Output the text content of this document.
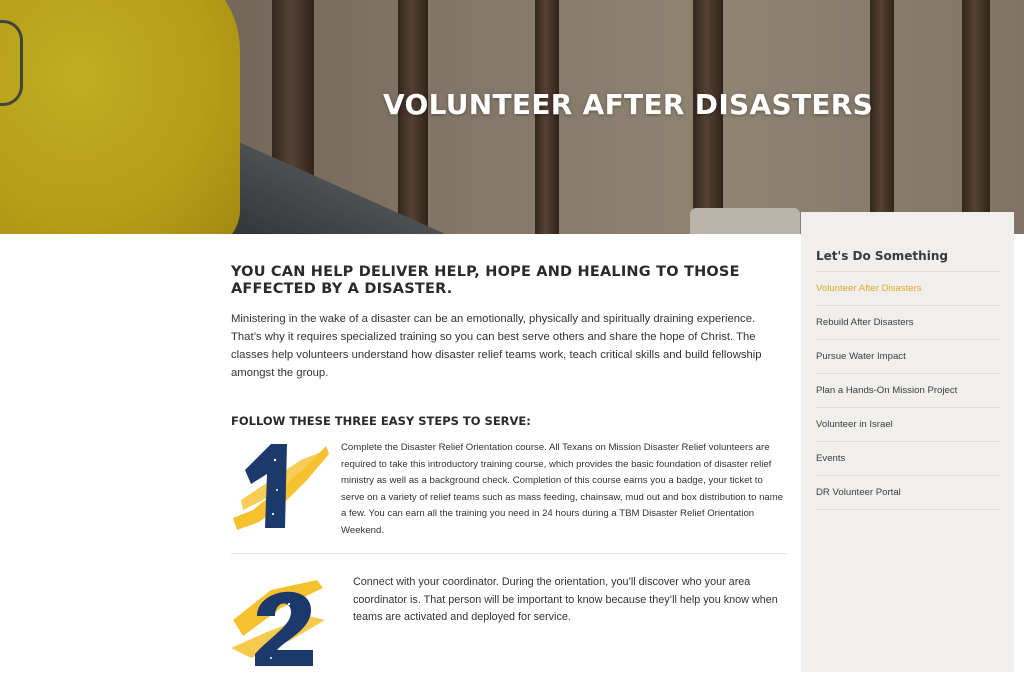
VOLUNTEER AFTER DISASTERS
YOU CAN HELP DELIVER HELP, HOPE AND HEALING TO THOSE AFFECTED BY A DISASTER.

Ministering in the wake of a disaster can be an emotionally, physically and spiritually draining experience. That’s why it requires specialized training so you can best serve others and share the hope of Christ. The classes help volunteers understand how disaster relief teams work, teach critical skills and build fellowship amongst the group.

FOLLOW THESE THREE EASY STEPS TO SERVE:

Complete the Disaster Relief Orientation course. All Texans on Mission Disaster Relief volunteers are required to take this introductory training course, which provides the basic foundation of disaster relief ministry as well as a background check. Completion of this course earns you a badge, your ticket to serve on a variety of relief teams such as mass feeding, chainsaw, mud out and box distribution to name a few. You can earn all the training you need in 24 hours during a TBM Disaster Relief Orientation Weekend.

Connect with your coordinator. During the orientation, you’ll discover who your area coordinator is. That person will be important to know because they’ll help you know when teams are activated and deployed for service.

Let's Do Something
Volunteer After Disasters
Rebuild After Disasters
Pursue Water Impact
Plan a Hands-On Mission Project
Volunteer in Israel
Events
DR Volunteer Portal
